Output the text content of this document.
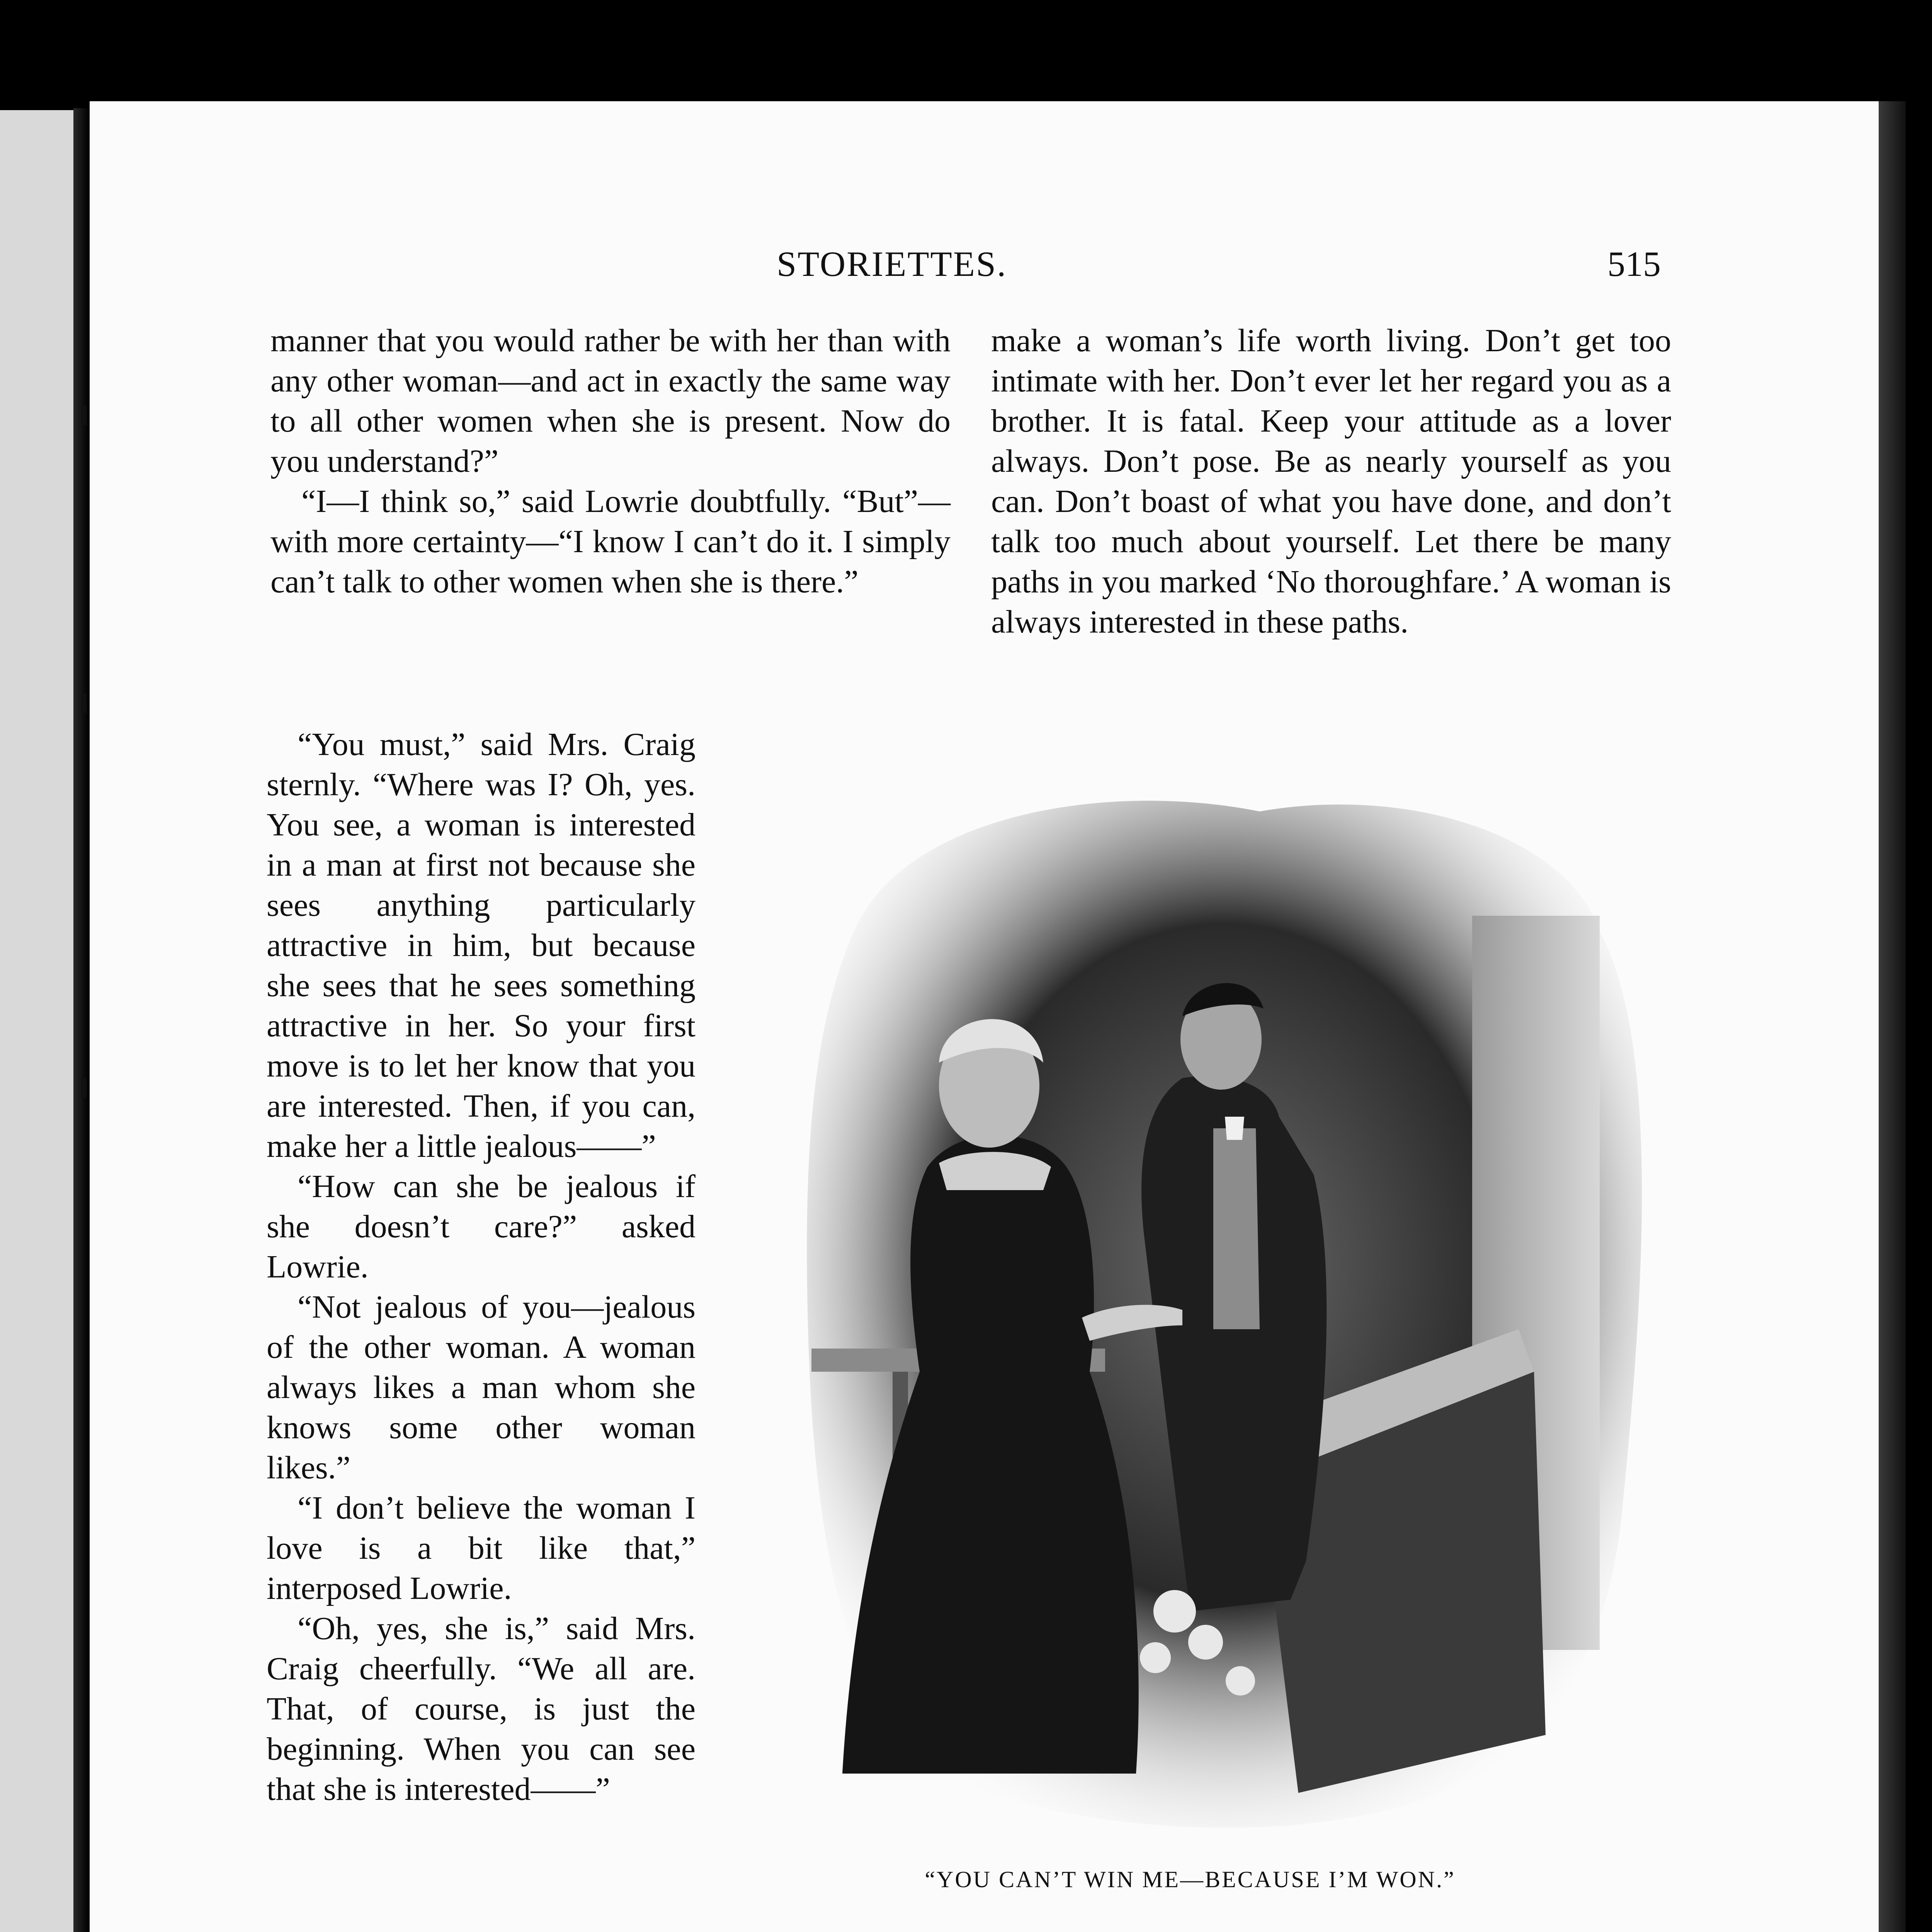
STORIETTES.	515

manner that you would rather be with her than with any other woman—and act in exactly the same way to all other women when she is present. Now do you understand?”

“I—I think so,” said Lowrie doubtfully. “But”—with more certainty—“I know I can’t do it. I simply can’t talk to other women when she is there.”

make a woman’s life worth living. Don’t get too intimate with her. Don’t ever let her regard you as a brother. It is fatal. Keep your attitude as a lover always. Don’t pose. Be as nearly yourself as you can. Don’t boast of what you have done, and don’t talk too much about yourself. Let there be many paths in you marked ‘No thoroughfare.’ A woman is always interested in these paths.

“You must,” said Mrs. Craig sternly. “Where was I? Oh, yes. You see, a woman is interested in a man at first not because she sees anything particularly attractive in him, but because she sees that he sees something attractive in her. So your first move is to let her know that you are interested. Then, if you can, make her a little jealous——”

“How can she be jealous if she doesn’t care?” asked Lowrie.

“Not jealous of you—jealous of the other woman. A woman always likes a man whom she knows some other woman likes.”

“I don’t believe the woman I love is a bit like that,” interposed Lowrie.

“Oh, yes, she is,” said Mrs. Craig cheerfully. “We all are. That, of course, is just the beginning. When you can see that she is interested——”

“YOU CAN’T WIN ME—BECAUSE I’M WON.”
